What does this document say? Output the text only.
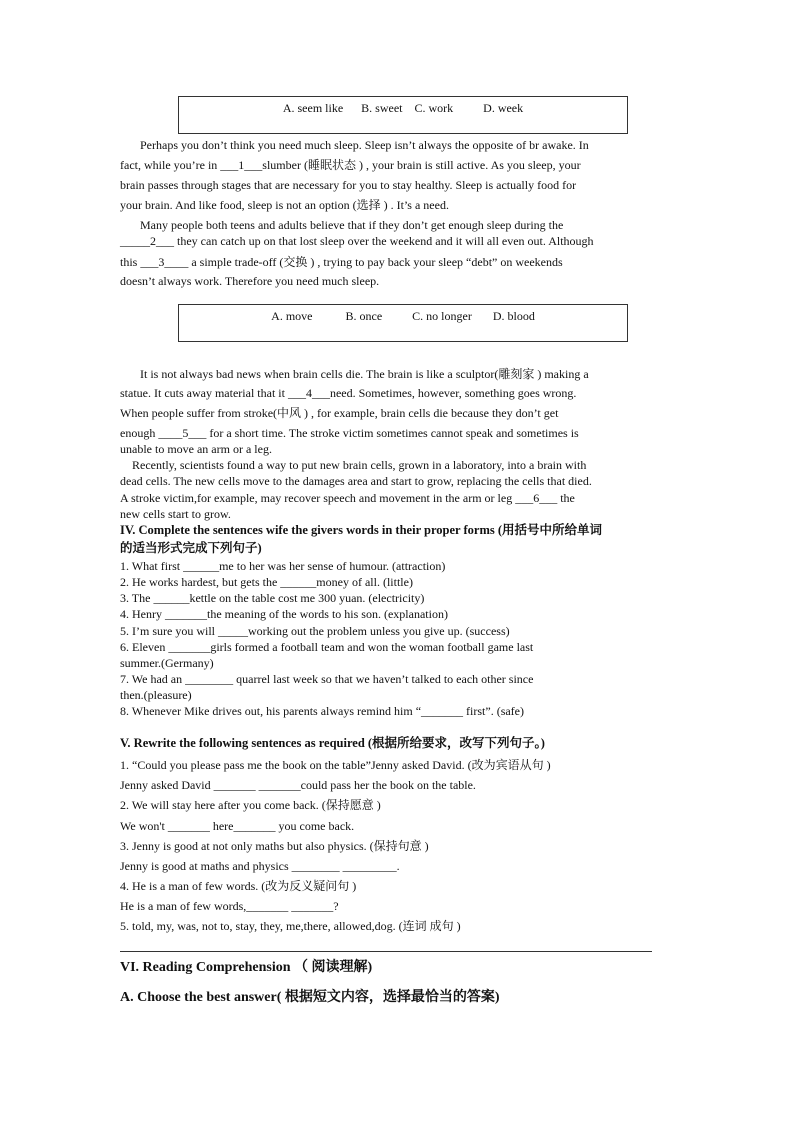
A. seem like      B. sweet    C. work          D. week
Perhaps you don’t think you need much sleep. Sleep isn’t always the opposite of br awake. In
fact, while you’re in ___1___slumber (睡眠状态 ) , your brain is still active. As you sleep, your
brain passes through stages that are necessary for you to stay healthy. Sleep is actually food for
your brain. And like food, sleep is not an option (选择 ) . It’s a need.
Many people both teens and adults believe that if they don’t get enough sleep during the
_____2___ they can catch up on that lost sleep over the weekend and it will all even out. Although
this ___3____ a simple trade-off (交换 ) , trying to pay back your sleep “debt” on weekends
doesn’t always work. Therefore you need much sleep.
A. move           B. once          C. no longer       D. blood
It is not always bad news when brain cells die. The brain is like a sculptor(雕刻家 ) making a
statue. It cuts away material that it ___4___need. Sometimes, however, something goes wrong.
When people suffer from stroke(中风 ) , for example, brain cells die because they don’t get
enough ____5___ for a short time. The stroke victim sometimes cannot speak and sometimes is
unable to move an arm or a leg.
Recently, scientists found a way to put new brain cells, grown in a laboratory, into a brain with
dead cells. The new cells move to the damages area and start to grow, replacing the cells that died.
A stroke victim,for example, may recover speech and movement in the arm or leg ___6___ the
new cells start to grow.
IV. Complete the sentences wife the givers words in their proper forms (用括号中所给单词
的适当形式完成下列句子)
1. What first ______me to her was her sense of humour. (attraction)
2. He works hardest, but gets the ______money of all. (little)
3. The ______kettle on the table cost me 300 yuan. (electricity)
4. Henry _______the meaning of the words to his son. (explanation)
5. I’m sure you will _____working out the problem unless you give up. (success)
6. Eleven _______girls formed a football team and won the woman football game last
summer.(Germany)
7. We had an ________ quarrel last week so that we haven’t talked to each other since
then.(pleasure)
8. Whenever Mike drives out, his parents always remind him “_______ first”. (safe)
V. Rewrite the following sentences as required (根据所给要求，改写下列句子。)
1. “Could you please pass me the book on the table”Jenny asked David. (改为宾语从句 )
Jenny asked David _______ _______could pass her the book on the table.
2. We will stay here after you come back. (保持愿意 )
We won't _______ here_______ you come back.
3. Jenny is good at not only maths but also physics. (保持句意 )
Jenny is good at maths and physics ________ _________.
4. He is a man of few words. (改为反义疑问句 )
He is a man of few words,_______ _______?
5. told, my, was, not to, stay, they, me,there, allowed,dog. (连词 成句 )
VI. Reading Comprehension （ 阅读理解)
A. Choose the best answer( 根据短文内容，选择最恰当的答案)
